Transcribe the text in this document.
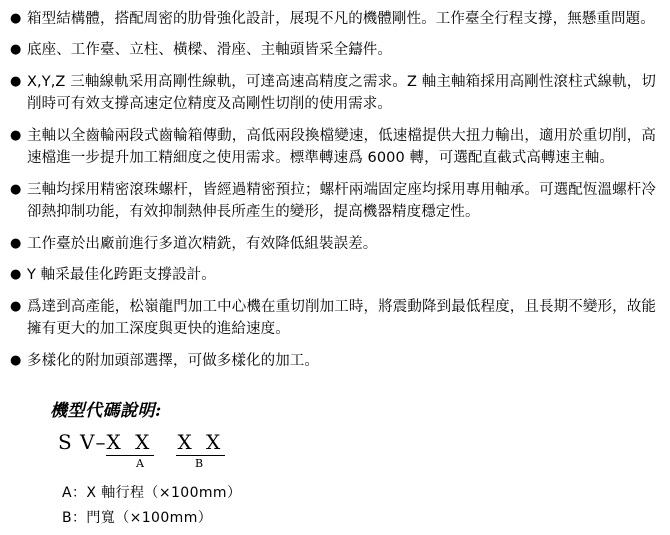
● 箱型結構體，搭配周密的肋骨強化設計，展現不凡的機體剛性。工作臺全行程支撐，無懸重問題。
● 底座、工作臺、立柱、橫樑、滑座、主軸頭皆采全鑄件。
● X,Y,Z 三軸線軌采用高剛性線軌，可達高速高精度之需求。Z 軸主軸箱採用高剛性滾柱式線軌，切削時可有效支撐高速定位精度及高剛性切削的使用需求。
● 主軸以全齒輪兩段式齒輪箱傳動，高低兩段換檔變速，低速檔提供大扭力輸出，適用於重切削，高速檔進一步提升加工精細度之使用需求。標準轉速爲 6000 轉，可選配直截式高轉速主軸。
● 三軸均採用精密滾珠螺杆，皆經過精密預拉；螺杆兩端固定座均採用專用軸承。可選配恆溫螺杆冷卻熱抑制功能，有效抑制熱伸長所產生的變形，提高機器精度穩定性。
● 工作臺於出廠前進行多道次精銑，有效降低組裝誤差。
● Y 軸采最佳化跨距支撐設計。
● 爲達到高產能，松嶺龍門加工中心機在重切削加工時，將震動降到最低程度，且長期不變形，故能擁有更大的加工深度與更快的進給速度。
● 多樣化的附加頭部選擇，可做多樣化的加工。
機型代碼說明:
S V–X X X X
A	B
A：X 軸行程（×100mm）
B：門寬（×100mm）
